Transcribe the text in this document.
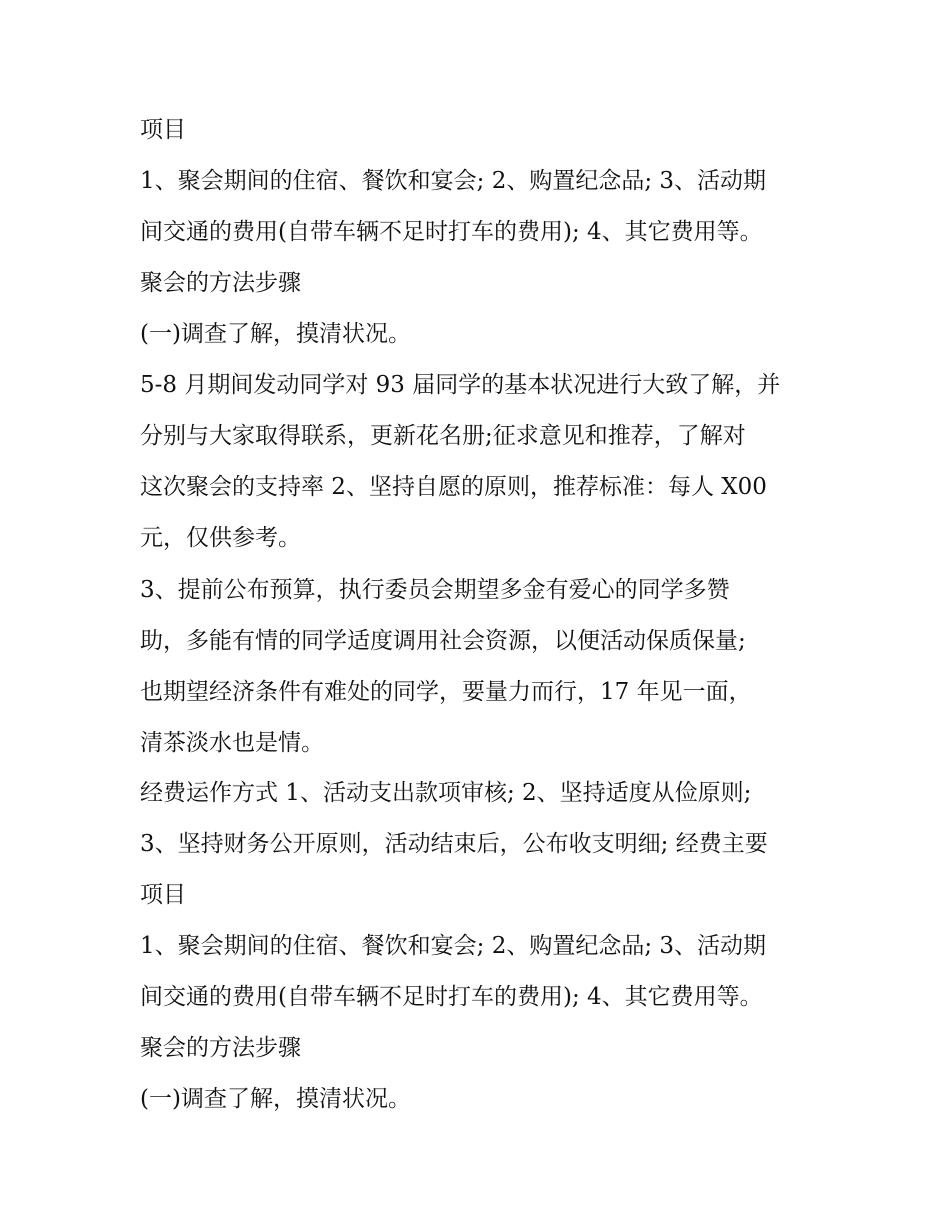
项目
1、聚会期间的住宿、餐饮和宴会; 2、购置纪念品; 3、活动期
间交通的费用(自带车辆不足时打车的费用); 4、其它费用等。
聚会的方法步骤
(一)调查了解，摸清状况。
5-8 月期间发动同学对 93 届同学的基本状况进行大致了解，并
分别与大家取得联系，更新花名册;征求意见和推荐，了解对
这次聚会的支持率 2、坚持自愿的原则，推荐标准：每人 X00
元，仅供参考。
3、提前公布预算，执行委员会期望多金有爱心的同学多赞
助，多能有情的同学适度调用社会资源，以便活动保质保量;
也期望经济条件有难处的同学，要量力而行，17 年见一面，
清茶淡水也是情。
经费运作方式 1、活动支出款项审核; 2、坚持适度从俭原则;
3、坚持财务公开原则，活动结束后，公布收支明细; 经费主要
项目
1、聚会期间的住宿、餐饮和宴会; 2、购置纪念品; 3、活动期
间交通的费用(自带车辆不足时打车的费用); 4、其它费用等。
聚会的方法步骤
(一)调查了解，摸清状况。
